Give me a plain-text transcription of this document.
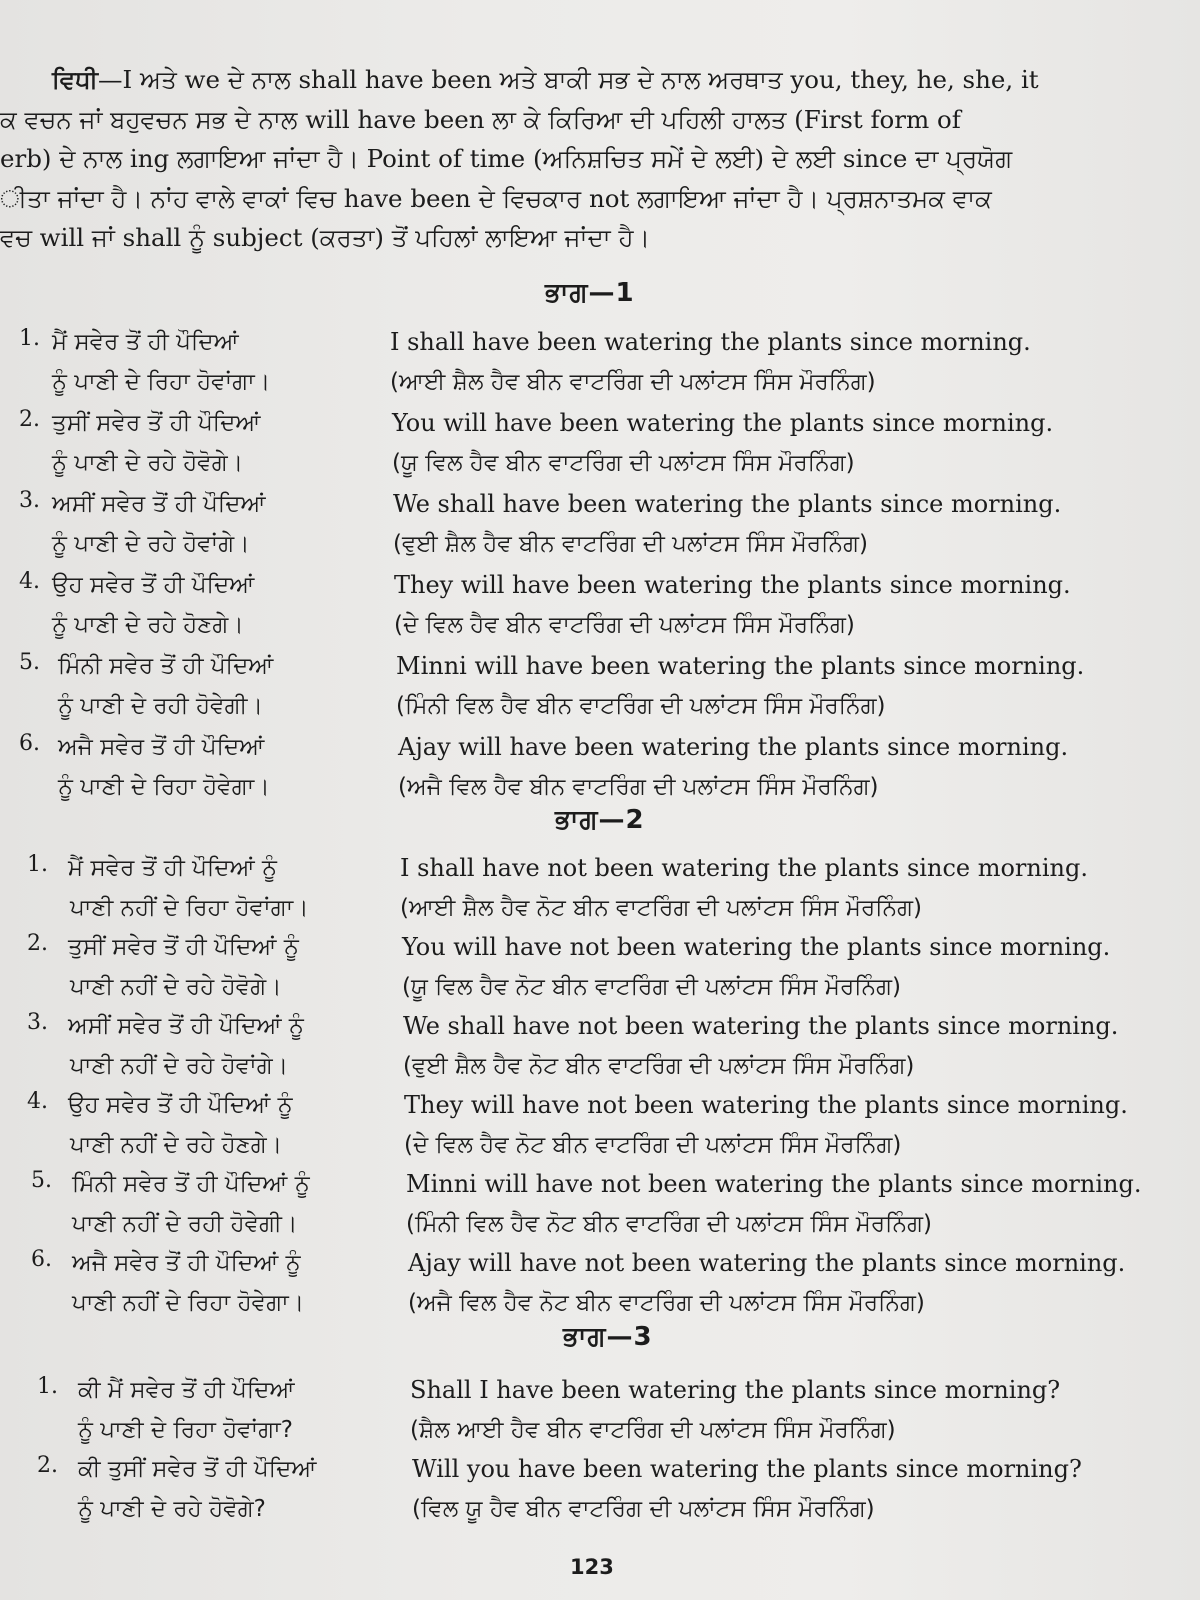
ਵਿਧੀ—I ਅਤੇ we ਦੇ ਨਾਲ shall have been ਅਤੇ ਬਾਕੀ ਸਭ ਦੇ ਨਾਲ ਅਰਥਾਤ you, they, he, she, it
ਕ ਵਚਨ ਜਾਂ ਬਹੁਵਚਨ ਸਭ ਦੇ ਨਾਲ will have been ਲਾ ਕੇ ਕਿਰਿਆ ਦੀ ਪਹਿਲੀ ਹਾਲਤ (First form of
erb) ਦੇ ਨਾਲ ing ਲਗਾਇਆ ਜਾਂਦਾ ਹੈ। Point of time (ਅਨਿਸ਼ਚਿਤ ਸਮੇਂ ਦੇ ਲਈ) ਦੇ ਲਈ since ਦਾ ਪ੍ਰਯੋਗ
ੀਤਾ ਜਾਂਦਾ ਹੈ। ਨਾਂਹ ਵਾਲੇ ਵਾਕਾਂ ਵਿਚ have been ਦੇ ਵਿਚਕਾਰ not ਲਗਾਇਆ ਜਾਂਦਾ ਹੈ। ਪ੍ਰਸ਼ਨਾਤਮਕ ਵਾਕ
ਵਚ will ਜਾਂ shall ਨੂੰ subject (ਕਰਤਾ) ਤੋਂ ਪਹਿਲਾਂ ਲਾਇਆ ਜਾਂਦਾ ਹੈ।
ਭਾਗ—1
1. ਮੈਂ ਸਵੇਰ ਤੋਂ ਹੀ ਪੌਦਿਆਂ
ਨੂੰ ਪਾਣੀ ਦੇ ਰਿਹਾ ਹੋਵਾਂਗਾ।
I shall have been watering the plants since morning.
(ਆਈ ਸ਼ੈਲ ਹੈਵ ਬੀਨ ਵਾਟਰਿੰਗ ਦੀ ਪਲਾਂਟਸ ਸਿੰਸ ਮੌਰਨਿੰਗ)
2. ਤੁਸੀਂ ਸਵੇਰ ਤੋਂ ਹੀ ਪੌਦਿਆਂ
ਨੂੰ ਪਾਣੀ ਦੇ ਰਹੇ ਹੋਵੋਗੇ।
You will have been watering the plants since morning.
(ਯੂ ਵਿਲ ਹੈਵ ਬੀਨ ਵਾਟਰਿੰਗ ਦੀ ਪਲਾਂਟਸ ਸਿੰਸ ਮੌਰਨਿੰਗ)
3. ਅਸੀਂ ਸਵੇਰ ਤੋਂ ਹੀ ਪੌਦਿਆਂ
ਨੂੰ ਪਾਣੀ ਦੇ ਰਹੇ ਹੋਵਾਂਗੇ।
We shall have been watering the plants since morning.
(ਵੁਈ ਸ਼ੈਲ ਹੈਵ ਬੀਨ ਵਾਟਰਿੰਗ ਦੀ ਪਲਾਂਟਸ ਸਿੰਸ ਮੌਰਨਿੰਗ)
4. ਉਹ ਸਵੇਰ ਤੋਂ ਹੀ ਪੌਦਿਆਂ
ਨੂੰ ਪਾਣੀ ਦੇ ਰਹੇ ਹੋਣਗੇ।
They will have been watering the plants since morning.
(ਦੇ ਵਿਲ ਹੈਵ ਬੀਨ ਵਾਟਰਿੰਗ ਦੀ ਪਲਾਂਟਸ ਸਿੰਸ ਮੌਰਨਿੰਗ)
5. ਮਿੰਨੀ ਸਵੇਰ ਤੋਂ ਹੀ ਪੌਦਿਆਂ
ਨੂੰ ਪਾਣੀ ਦੇ ਰਹੀ ਹੋਵੇਗੀ।
Minni will have been watering the plants since morning.
(ਮਿੰਨੀ ਵਿਲ ਹੈਵ ਬੀਨ ਵਾਟਰਿੰਗ ਦੀ ਪਲਾਂਟਸ ਸਿੰਸ ਮੌਰਨਿੰਗ)
6. ਅਜੈ ਸਵੇਰ ਤੋਂ ਹੀ ਪੌਦਿਆਂ
ਨੂੰ ਪਾਣੀ ਦੇ ਰਿਹਾ ਹੋਵੇਗਾ।
Ajay will have been watering the plants since morning.
(ਅਜੈ ਵਿਲ ਹੈਵ ਬੀਨ ਵਾਟਰਿੰਗ ਦੀ ਪਲਾਂਟਸ ਸਿੰਸ ਮੌਰਨਿੰਗ)
ਭਾਗ—2
1. ਮੈਂ ਸਵੇਰ ਤੋਂ ਹੀ ਪੌਦਿਆਂ ਨੂੰ
ਪਾਣੀ ਨਹੀਂ ਦੇ ਰਿਹਾ ਹੋਵਾਂਗਾ।
I shall have not been watering the plants since morning.
(ਆਈ ਸ਼ੈਲ ਹੈਵ ਨੋਟ ਬੀਨ ਵਾਟਰਿੰਗ ਦੀ ਪਲਾਂਟਸ ਸਿੰਸ ਮੌਰਨਿੰਗ)
2. ਤੁਸੀਂ ਸਵੇਰ ਤੋਂ ਹੀ ਪੌਦਿਆਂ ਨੂੰ
ਪਾਣੀ ਨਹੀਂ ਦੇ ਰਹੇ ਹੋਵੋਗੇ।
You will have not been watering the plants since morning.
(ਯੂ ਵਿਲ ਹੈਵ ਨੋਟ ਬੀਨ ਵਾਟਰਿੰਗ ਦੀ ਪਲਾਂਟਸ ਸਿੰਸ ਮੌਰਨਿੰਗ)
3. ਅਸੀਂ ਸਵੇਰ ਤੋਂ ਹੀ ਪੌਦਿਆਂ ਨੂੰ
ਪਾਣੀ ਨਹੀਂ ਦੇ ਰਹੇ ਹੋਵਾਂਗੇ।
We shall have not been watering the plants since morning.
(ਵੁਈ ਸ਼ੈਲ ਹੈਵ ਨੋਟ ਬੀਨ ਵਾਟਰਿੰਗ ਦੀ ਪਲਾਂਟਸ ਸਿੰਸ ਮੌਰਨਿੰਗ)
4. ਉਹ ਸਵੇਰ ਤੋਂ ਹੀ ਪੌਦਿਆਂ ਨੂੰ
ਪਾਣੀ ਨਹੀਂ ਦੇ ਰਹੇ ਹੋਣਗੇ।
They will have not been watering the plants since morning.
(ਦੇ ਵਿਲ ਹੈਵ ਨੋਟ ਬੀਨ ਵਾਟਰਿੰਗ ਦੀ ਪਲਾਂਟਸ ਸਿੰਸ ਮੌਰਨਿੰਗ)
5. ਮਿੰਨੀ ਸਵੇਰ ਤੋਂ ਹੀ ਪੌਦਿਆਂ ਨੂੰ
ਪਾਣੀ ਨਹੀਂ ਦੇ ਰਹੀ ਹੋਵੇਗੀ।
Minni will have not been watering the plants since morning.
(ਮਿੰਨੀ ਵਿਲ ਹੈਵ ਨੋਟ ਬੀਨ ਵਾਟਰਿੰਗ ਦੀ ਪਲਾਂਟਸ ਸਿੰਸ ਮੌਰਨਿੰਗ)
6. ਅਜੈ ਸਵੇਰ ਤੋਂ ਹੀ ਪੌਦਿਆਂ ਨੂੰ
ਪਾਣੀ ਨਹੀਂ ਦੇ ਰਿਹਾ ਹੋਵੇਗਾ।
Ajay will have not been watering the plants since morning.
(ਅਜੈ ਵਿਲ ਹੈਵ ਨੋਟ ਬੀਨ ਵਾਟਰਿੰਗ ਦੀ ਪਲਾਂਟਸ ਸਿੰਸ ਮੌਰਨਿੰਗ)
ਭਾਗ—3
1. ਕੀ ਮੈਂ ਸਵੇਰ ਤੋਂ ਹੀ ਪੌਦਿਆਂ
ਨੂੰ ਪਾਣੀ ਦੇ ਰਿਹਾ ਹੋਵਾਂਗਾ?
Shall I have been watering the plants since morning?
(ਸ਼ੈਲ ਆਈ ਹੈਵ ਬੀਨ ਵਾਟਰਿੰਗ ਦੀ ਪਲਾਂਟਸ ਸਿੰਸ ਮੌਰਨਿੰਗ)
2. ਕੀ ਤੁਸੀਂ ਸਵੇਰ ਤੋਂ ਹੀ ਪੌਦਿਆਂ
ਨੂੰ ਪਾਣੀ ਦੇ ਰਹੇ ਹੋਵੋਗੇ?
Will you have been watering the plants since morning?
(ਵਿਲ ਯੂ ਹੈਵ ਬੀਨ ਵਾਟਰਿੰਗ ਦੀ ਪਲਾਂਟਸ ਸਿੰਸ ਮੌਰਨਿੰਗ)
123
